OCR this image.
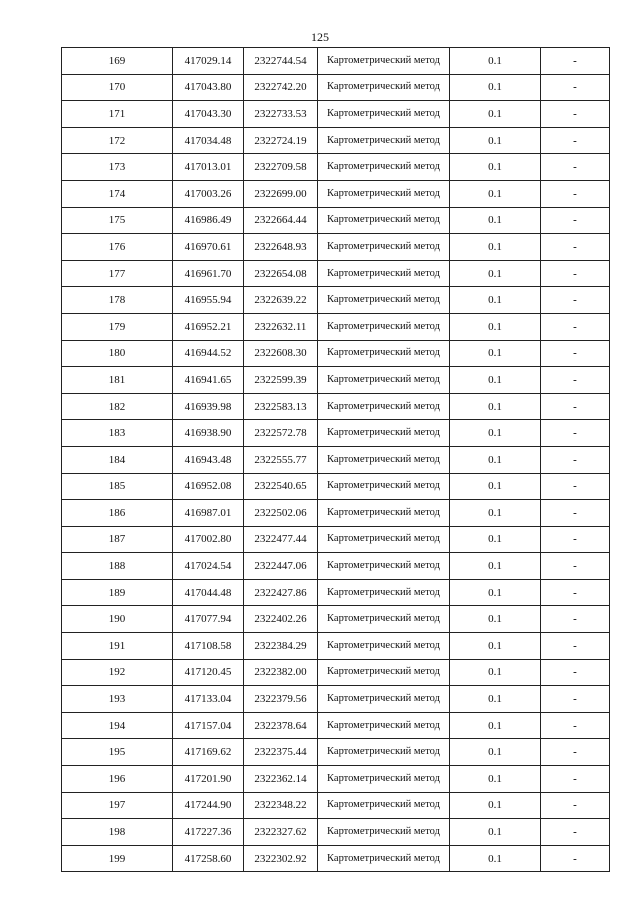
125
169	417029.14	2322744.54	Картометрический метод	0.1	-
170	417043.80	2322742.20	Картометрический метод	0.1	-
171	417043.30	2322733.53	Картометрический метод	0.1	-
172	417034.48	2322724.19	Картометрический метод	0.1	-
173	417013.01	2322709.58	Картометрический метод	0.1	-
174	417003.26	2322699.00	Картометрический метод	0.1	-
175	416986.49	2322664.44	Картометрический метод	0.1	-
176	416970.61	2322648.93	Картометрический метод	0.1	-
177	416961.70	2322654.08	Картометрический метод	0.1	-
178	416955.94	2322639.22	Картометрический метод	0.1	-
179	416952.21	2322632.11	Картометрический метод	0.1	-
180	416944.52	2322608.30	Картометрический метод	0.1	-
181	416941.65	2322599.39	Картометрический метод	0.1	-
182	416939.98	2322583.13	Картометрический метод	0.1	-
183	416938.90	2322572.78	Картометрический метод	0.1	-
184	416943.48	2322555.77	Картометрический метод	0.1	-
185	416952.08	2322540.65	Картометрический метод	0.1	-
186	416987.01	2322502.06	Картометрический метод	0.1	-
187	417002.80	2322477.44	Картометрический метод	0.1	-
188	417024.54	2322447.06	Картометрический метод	0.1	-
189	417044.48	2322427.86	Картометрический метод	0.1	-
190	417077.94	2322402.26	Картометрический метод	0.1	-
191	417108.58	2322384.29	Картометрический метод	0.1	-
192	417120.45	2322382.00	Картометрический метод	0.1	-
193	417133.04	2322379.56	Картометрический метод	0.1	-
194	417157.04	2322378.64	Картометрический метод	0.1	-
195	417169.62	2322375.44	Картометрический метод	0.1	-
196	417201.90	2322362.14	Картометрический метод	0.1	-
197	417244.90	2322348.22	Картометрический метод	0.1	-
198	417227.36	2322327.62	Картометрический метод	0.1	-
199	417258.60	2322302.92	Картометрический метод	0.1	-
